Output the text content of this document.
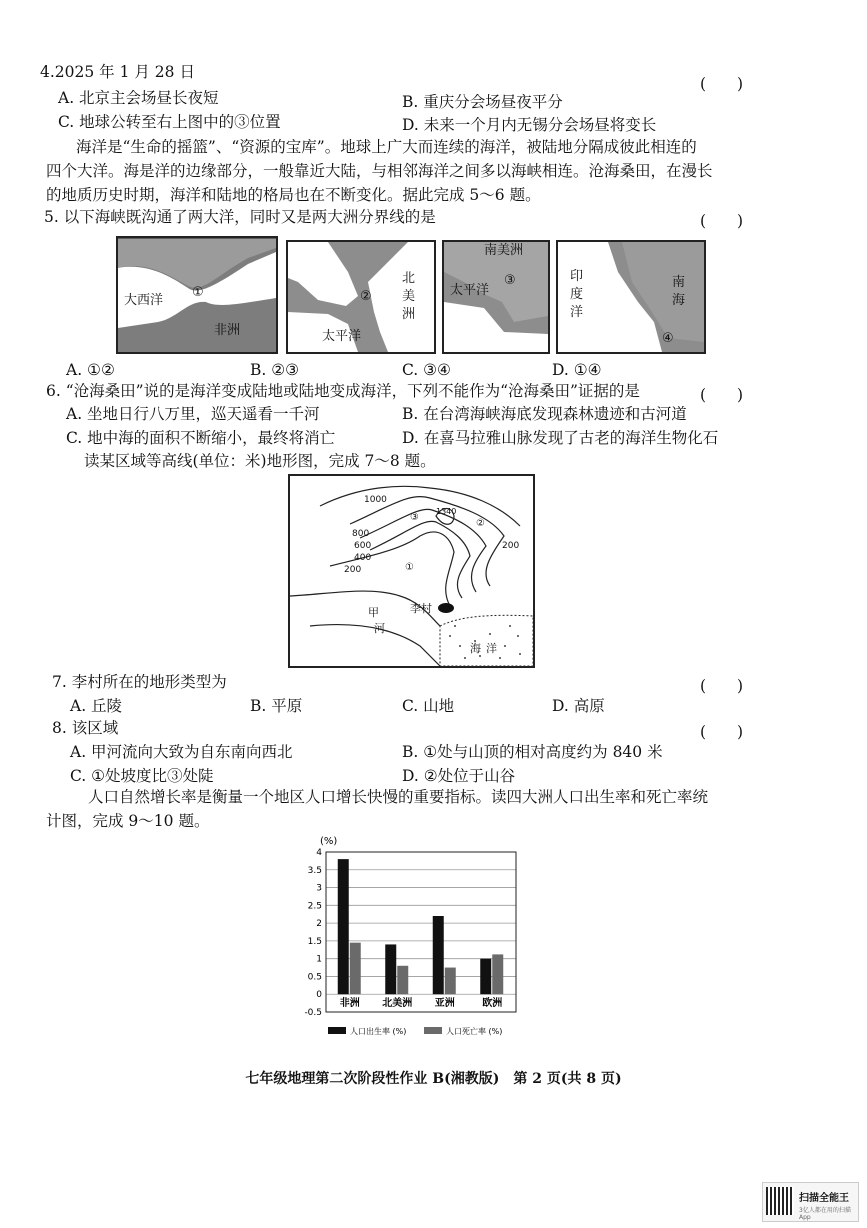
4.2025 年 1 月 28 日
(　　)
A. 北京主会场昼长夜短	B. 重庆分会场昼夜平分
C. 地球公转至右上图中的③位置	D. 未来一个月内无锡分会场昼将变长
海洋是“生命的摇篮”、“资源的宝库”。地球上广大而连续的海洋，被陆地分隔成彼此相连的
四个大洋。海是洋的边缘部分，一般靠近大陆，与相邻海洋之间多以海峡相连。沧海桑田，在漫长
的地质历史时期，海洋和陆地的格局也在不断变化。据此完成 5～6 题。
5. 以下海峡既沟通了两大洋，同时又是两大洲分界线的是	(　　)
大西洋
①
非洲
②
北
美
洲
太平洋
南美洲
③
太平洋
印
度
洋
南
海
④
A. ①②	B. ②③	C. ③④	D. ①④
6. “沧海桑田”说的是海洋变成陆地或陆地变成海洋，下列不能作为“沧海桑田”证据的是	(　　)
A. 坐地日行八万里，巡天遥看一千河	B. 在台湾海峡海底发现森林遗迹和古河道
C. 地中海的面积不断缩小，最终将消亡	D. 在喜马拉雅山脉发现了古老的海洋生物化石
读某区域等高线(单位：米)地形图，完成 7～8 题。
1000
800
600
400
200
200
1340
①
②
③
甲
河
李村
海 洋
7. 李村所在的地形类型为	(　　)
A. 丘陵	B. 平原	C. 山地	D. 高原
8. 该区域	(　　)
A. 甲河流向大致为自东南向西北	B. ①处与山顶的相对高度约为 840 米
C. ①处坡度比③处陡	D. ②处位于山谷
人口自然增长率是衡量一个地区人口增长快慢的重要指标。读四大洲人口出生率和死亡率统
计图，完成 9～10 题。
(%)
4
3.5
3
2.5
2
1.5
1
0.5
0
-0.5
非洲 北美洲 亚洲	欧洲
人口出生率 (%)	人口死亡率 (%)
七年级地理第二次阶段性作业 B(湘教版)　第 2 页(共 8 页)
扫描全能王
3亿人都在用的扫描App
